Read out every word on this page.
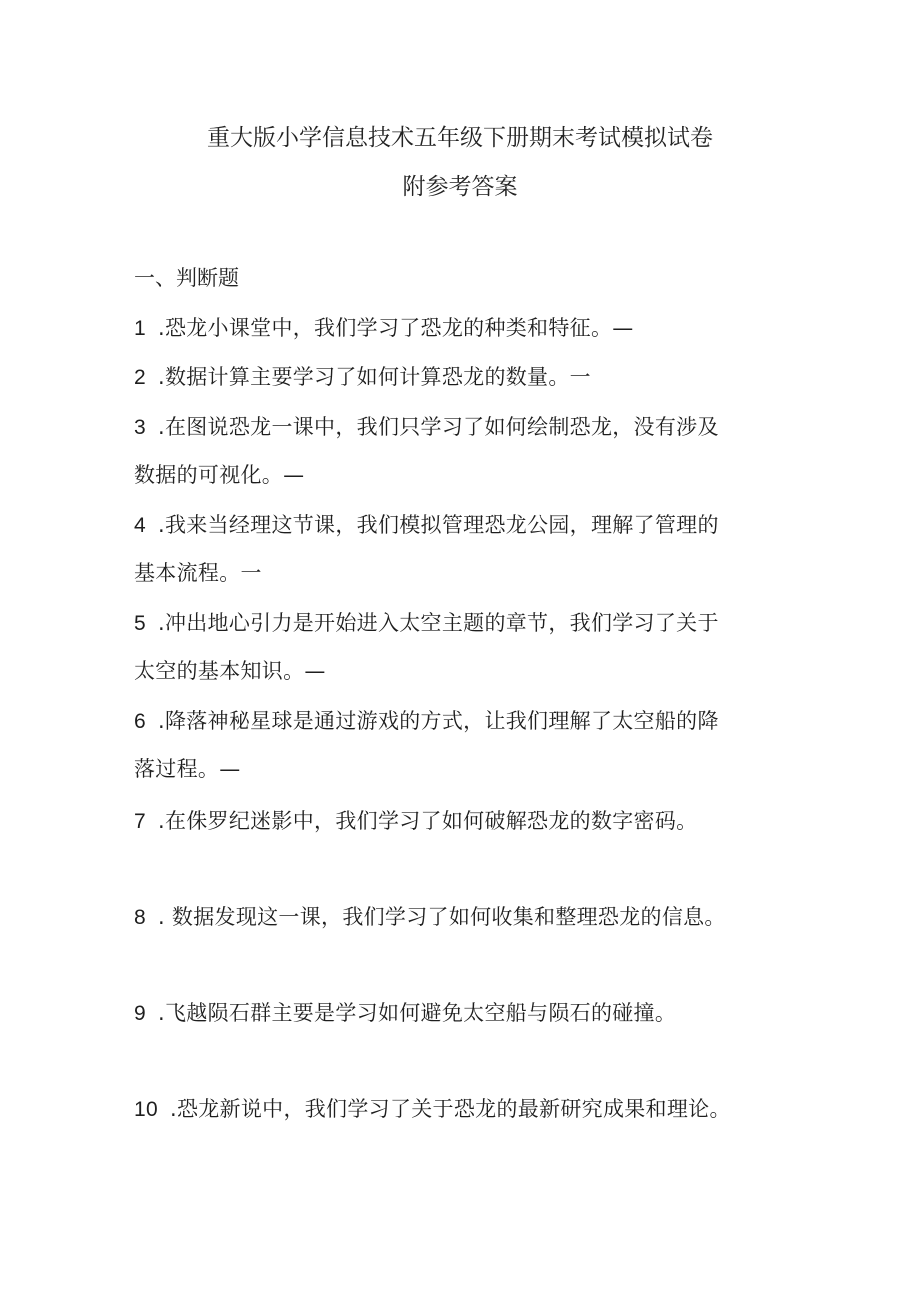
重大版小学信息技术五年级下册期末考试模拟试卷
附参考答案
一、判断题
1 .恐龙小课堂中，我们学习了恐龙的种类和特征。—
2 .数据计算主要学习了如何计算恐龙的数量。一
3 .在图说恐龙一课中，我们只学习了如何绘制恐龙，没有涉及
数据的可视化。—
4 .我来当经理这节课，我们模拟管理恐龙公园，理解了管理的
基本流程。一
5 .冲出地心引力是开始进入太空主题的章节，我们学习了关于
太空的基本知识。—
6 .降落神秘星球是通过游戏的方式，让我们理解了太空船的降
落过程。—
7 .在侏罗纪迷影中，我们学习了如何破解恐龙的数字密码。
8 . 数据发现这一课，我们学习了如何收集和整理恐龙的信息。
9 .飞越陨石群主要是学习如何避免太空船与陨石的碰撞。
10 .恐龙新说中，我们学习了关于恐龙的最新研究成果和理论。
